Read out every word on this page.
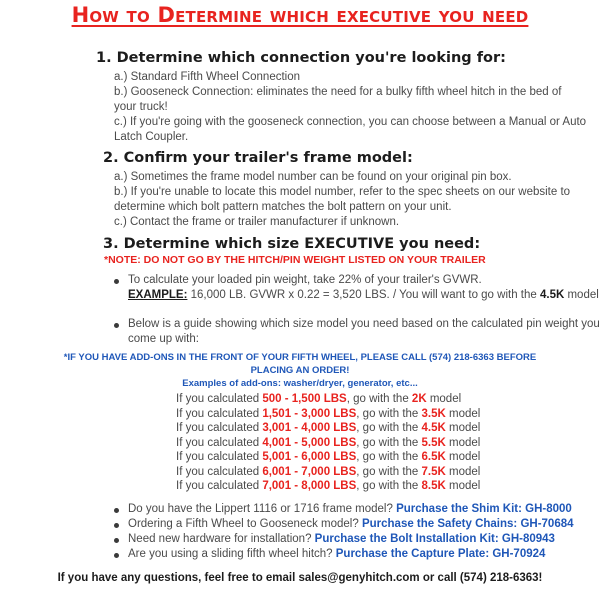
How to Determine which executive you need
1. Determine which connection you're looking for:
a.) Standard Fifth Wheel Connection
b.) Gooseneck Connection: eliminates the need for a bulky fifth wheel hitch in the bed of
your truck!
c.) If you're going with the gooseneck connection, you can choose between a Manual or Auto
Latch Coupler.
2. Confirm your trailer's frame model:
a.) Sometimes the frame model number can be found on your original pin box.
b.) If you're unable to locate this model number, refer to the spec sheets on our website to
determine which bolt pattern matches the bolt pattern on your unit.
c.) Contact the frame or trailer manufacturer if unknown.
3. Determine which size EXECUTIVE you need:
*NOTE: DO NOT GO BY THE HITCH/PIN WEIGHT LISTED ON YOUR TRAILER
To calculate your loaded pin weight, take 22% of your trailer's GVWR.
EXAMPLE: 16,000 LB. GVWR x 0.22 = 3,520 LBS. / You will want to go with the 4.5K model
Below is a guide showing which size model you need based on the calculated pin weight you
come up with:
*IF YOU HAVE ADD-ONS IN THE FRONT OF YOUR FIFTH WHEEL, PLEASE CALL (574) 218-6363 BEFORE
PLACING AN ORDER!
Examples of add-ons: washer/dryer, generator, etc...
If you calculated 500 - 1,500 LBS, go with the 2K model
If you calculated 1,501 - 3,000 LBS, go with the 3.5K model
If you calculated 3,001 - 4,000 LBS, go with the 4.5K model
If you calculated 4,001 - 5,000 LBS, go with the 5.5K model
If you calculated 5,001 - 6,000 LBS, go with the 6.5K model
If you calculated 6,001 - 7,000 LBS, go with the 7.5K model
If you calculated 7,001 - 8,000 LBS, go with the 8.5K model
Do you have the Lippert 1116 or 1716 frame model? Purchase the Shim Kit: GH-8000
Ordering a Fifth Wheel to Gooseneck model? Purchase the Safety Chains: GH-70684
Need new hardware for installation? Purchase the Bolt Installation Kit: GH-80943
Are you using a sliding fifth wheel hitch? Purchase the Capture Plate: GH-70924
If you have any questions, feel free to email sales@genyhitch.com or call (574) 218-6363!
